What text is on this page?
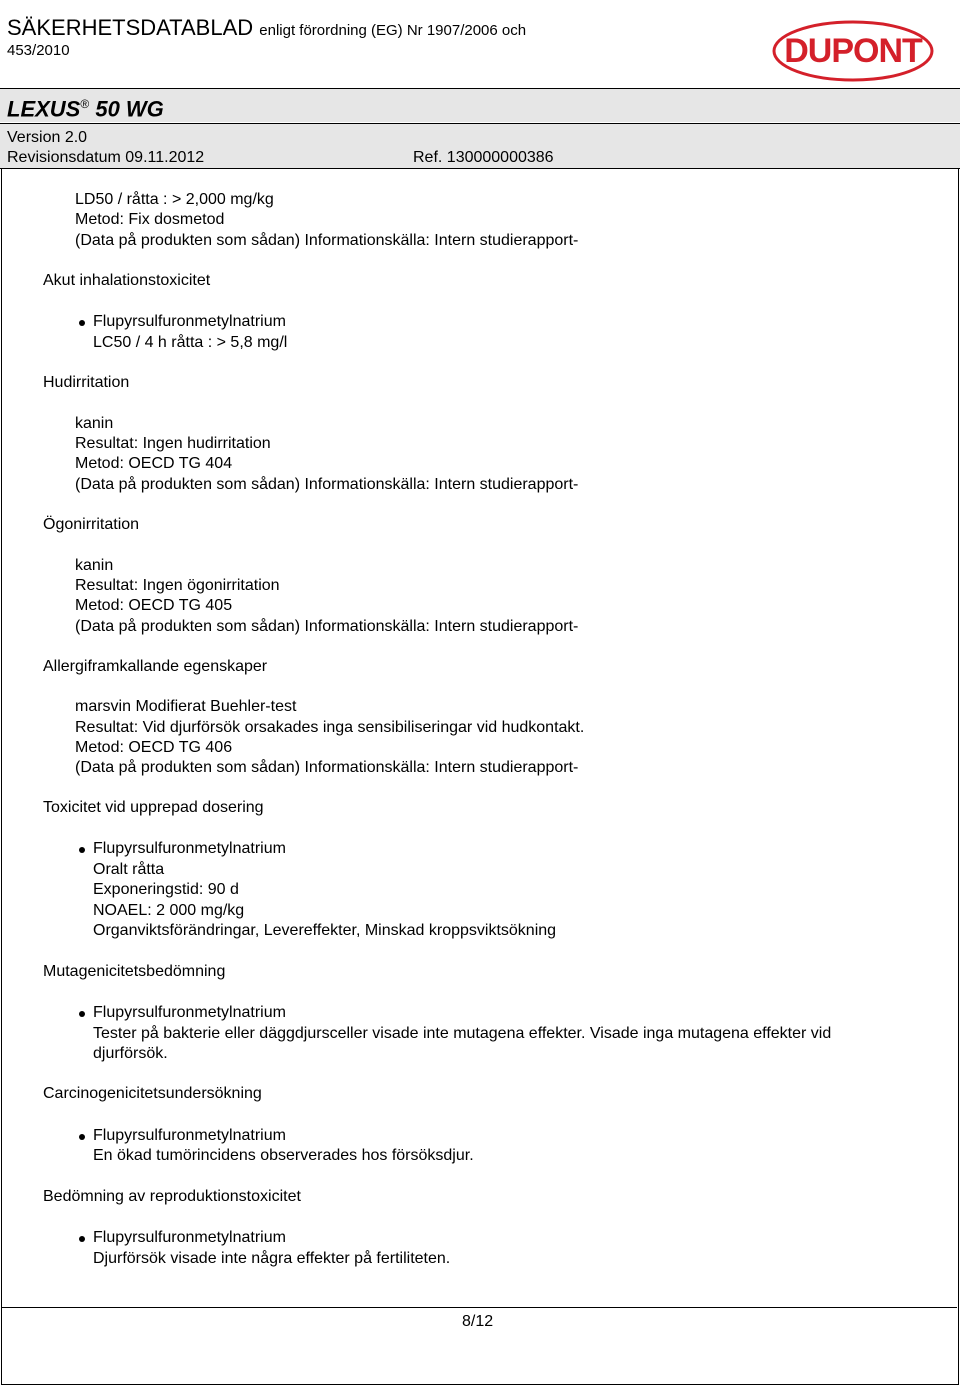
SÄKERHETSDATABLAD enligt förordning (EG) Nr 1907/2006 och
453/2010	DUPONT
LEXUS® 50 WG
Version 2.0
Revisionsdatum 09.11.2012	Ref. 130000000386
LD50 / råtta : > 2,000 mg/kg
Metod: Fix dosmetod
(Data på produkten som sådan) Informationskälla: Intern studierapport-
Akut inhalationstoxicitet
Flupyrsulfuronmetylnatrium
LC50 / 4 h råtta : > 5,8 mg/l
Hudirritation
kanin
Resultat: Ingen hudirritation
Metod: OECD TG 404
(Data på produkten som sådan) Informationskälla: Intern studierapport-
Ögonirritation
kanin
Resultat: Ingen ögonirritation
Metod: OECD TG 405
(Data på produkten som sådan) Informationskälla: Intern studierapport-
Allergiframkallande egenskaper
marsvin Modifierat Buehler-test
Resultat: Vid djurförsök orsakades inga sensibiliseringar vid hudkontakt.
Metod: OECD TG 406
(Data på produkten som sådan) Informationskälla: Intern studierapport-
Toxicitet vid upprepad dosering
Flupyrsulfuronmetylnatrium
Oralt råtta
Exponeringstid: 90 d
NOAEL: 2 000 mg/kg
Organviktsförändringar, Levereffekter, Minskad kroppsviktsökning
Mutagenicitetsbedömning
Flupyrsulfuronmetylnatrium
Tester på bakterie eller däggdjursceller visade inte mutagena effekter. Visade inga mutagena effekter vid
djurförsök.
Carcinogenicitetsundersökning
Flupyrsulfuronmetylnatrium
En ökad tumörincidens observerades hos försöksdjur.
Bedömning av reproduktionstoxicitet
Flupyrsulfuronmetylnatrium
Djurförsök visade inte några effekter på fertiliteten.
8/12
